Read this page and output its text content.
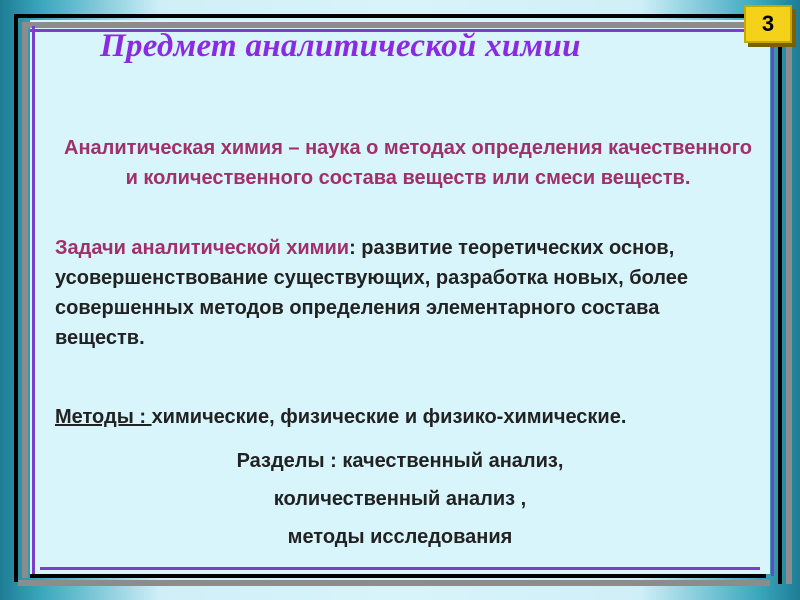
3
Предмет аналитической химии

Аналитическая химия – наука о методах определения качественного и количественного состава веществ или смеси веществ.

Задачи аналитической химии: развитие теоретических основ, усовершенствование существующих, разработка новых, более совершенных методов определения элементарного состава веществ.

Методы : химические, физические и физико-химические.

Разделы : качественный анализ,
количественный анализ ,
методы исследования
